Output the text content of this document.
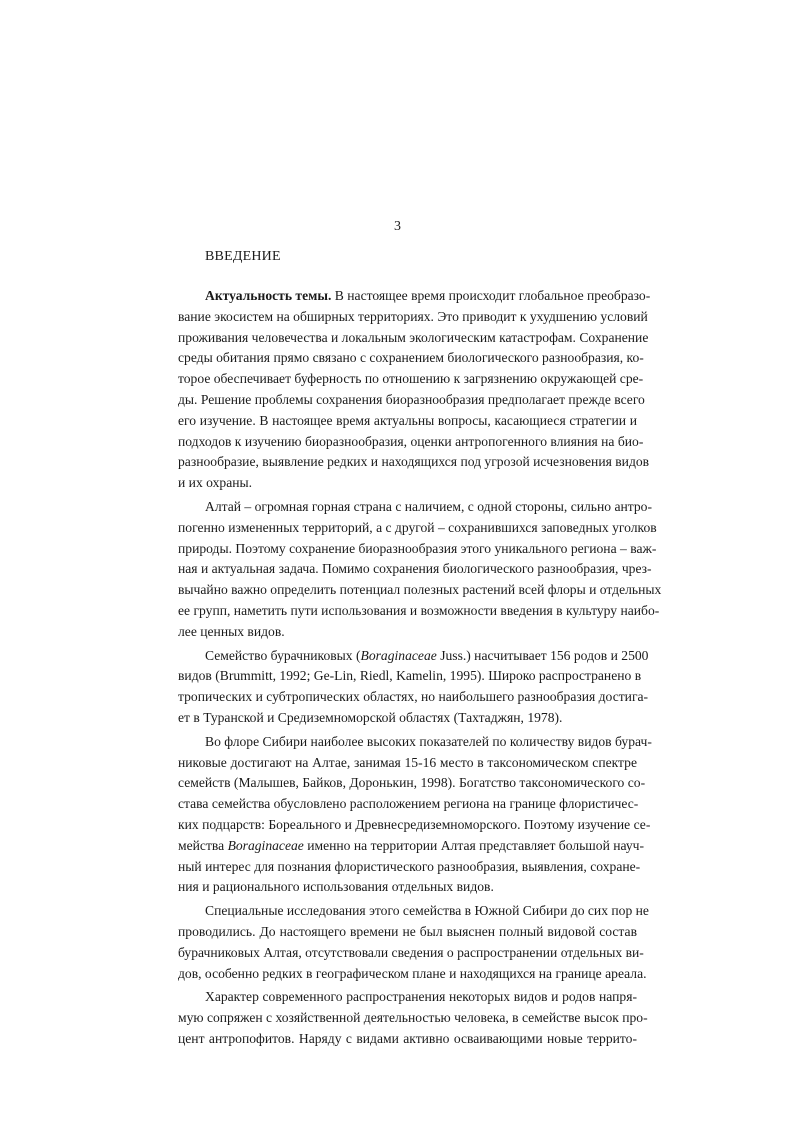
3
ВВЕДЕНИЕ
Актуальность темы. В настоящее время происходит глобальное преобразо-
вание экосистем на обширных территориях. Это приводит к ухудшению условий
проживания человечества и локальным экологическим катастрофам. Сохранение
среды обитания прямо связано с сохранением биологического разнообразия, ко-
торое обеспечивает буферность по отношению к загрязнению окружающей сре-
ды. Решение проблемы сохранения биоразнообразия предполагает прежде всего
его изучение. В настоящее время актуальны вопросы, касающиеся стратегии и
подходов к изучению биоразнообразия, оценки антропогенного влияния на био-
разнообразие, выявление редких и находящихся под угрозой исчезновения видов
и их охраны.
Алтай – огромная горная страна с наличием, с одной стороны, сильно антро-
погенно измененных территорий, а с другой – сохранившихся заповедных уголков
природы. Поэтому сохранение биоразнообразия этого уникального региона – важ-
ная и актуальная задача. Помимо сохранения биологического разнообразия, чрез-
вычайно важно определить потенциал полезных растений всей флоры и отдельных
ее групп, наметить пути использования и возможности введения в культуру наибо-
лее ценных видов.
Семейство бурачниковых (Boraginaceae Juss.) насчитывает 156 родов и 2500
видов (Brummitt, 1992; Ge-Lin, Riedl, Kamelin, 1995). Широко распространено в
тропических и субтропических областях, но наибольшего разнообразия достига-
ет в Туранской и Средиземноморской областях (Тахтаджян, 1978).
Во флоре Сибири наиболее высоких показателей по количеству видов бурач-
никовые достигают на Алтае, занимая 15-16 место в таксономическом спектре
семейств (Малышев, Байков, Доронькин, 1998). Богатство таксономического со-
става семейства обусловлено расположением региона на границе флористичес-
ких подцарств: Бореального и Древнесредиземноморского. Поэтому изучение се-
мейства Boraginaceae именно на территории Алтая представляет большой науч-
ный интерес для познания флористического разнообразия, выявления, сохране-
ния и рационального использования отдельных видов.
Специальные исследования этого семейства в Южной Сибири до сих пор не
проводились. До настоящего времени не был выяснен полный видовой состав
бурачниковых Алтая, отсутствовали сведения о распространении отдельных ви-
дов, особенно редких в географическом плане и находящихся на границе ареала.
Характер современного распространения некоторых видов и родов напря-
мую сопряжен с хозяйственной деятельностью человека, в семействе высок про-
цент антропофитов. Наряду с видами активно осваивающими новые террито-
